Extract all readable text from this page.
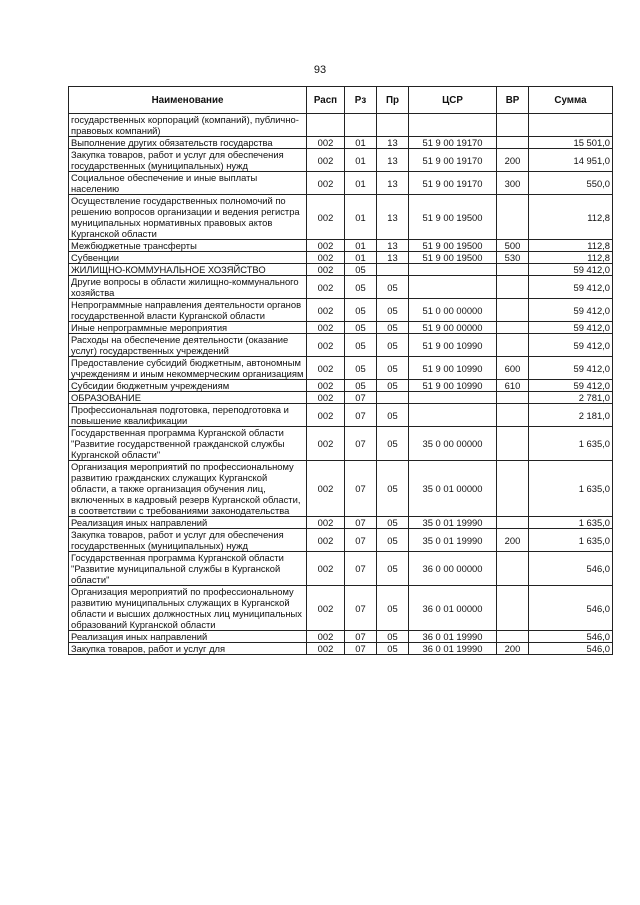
93
Наименование	Расп	Рз	Пр	ЦСР	ВР	Сумма
государственных корпораций (компаний), публично-правовых компаний)						
Выполнение других обязательств государства	002	01	13	51 9 00 19170		15 501,0
Закупка товаров, работ и услуг для обеспечения государственных (муниципальных) нужд	002	01	13	51 9 00 19170	200	14 951,0
Социальное обеспечение и иные выплаты населению	002	01	13	51 9 00 19170	300	550,0
Осуществление государственных полномочий по решению вопросов организации и ведения регистра муниципальных нормативных правовых актов Курганской области	002	01	13	51 9 00 19500		112,8
Межбюджетные трансферты	002	01	13	51 9 00 19500	500	112,8
Субвенции	002	01	13	51 9 00 19500	530	112,8
ЖИЛИЩНО-КОММУНАЛЬНОЕ ХОЗЯЙСТВО	002	05				59 412,0
Другие вопросы в области жилищно-коммунального хозяйства	002	05	05			59 412,0
Непрограммные направления деятельности органов государственной власти Курганской области	002	05	05	51 0 00 00000		59 412,0
Иные непрограммные мероприятия	002	05	05	51 9 00 00000		59 412,0
Расходы на обеспечение деятельности (оказание услуг) государственных учреждений	002	05	05	51 9 00 10990		59 412,0
Предоставление субсидий бюджетным, автономным учреждениям и иным некоммерческим организациям	002	05	05	51 9 00 10990	600	59 412,0
Субсидии бюджетным учреждениям	002	05	05	51 9 00 10990	610	59 412,0
ОБРАЗОВАНИЕ	002	07				2 781,0
Профессиональная подготовка, переподготовка и повышение квалификации	002	07	05			2 181,0
Государственная программа Курганской области "Развитие государственной гражданской службы Курганской области"	002	07	05	35 0 00 00000		1 635,0
Организация мероприятий по профессиональному развитию гражданских служащих Курганской области, а также организация обучения лиц, включенных в кадровый резерв Курганской области, в соответствии с требованиями законодательства	002	07	05	35 0 01 00000		1 635,0
Реализация иных направлений	002	07	05	35 0 01 19990		1 635,0
Закупка товаров, работ и услуг для обеспечения государственных (муниципальных) нужд	002	07	05	35 0 01 19990	200	1 635,0
Государственная программа Курганской области "Развитие муниципальной службы в Курганской области"	002	07	05	36 0 00 00000		546,0
Организация мероприятий по профессиональному развитию муниципальных служащих в Курганской области и высших должностных лиц муниципальных образований Курганской области	002	07	05	36 0 01 00000		546,0
Реализация иных направлений	002	07	05	36 0 01 19990		546,0
Закупка товаров, работ и услуг для	002	07	05	36 0 01 19990	200	546,0
